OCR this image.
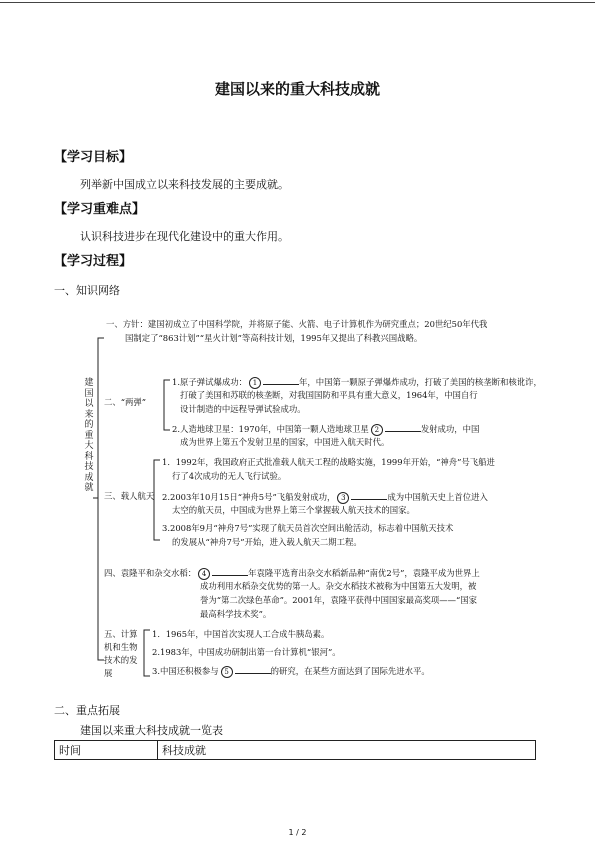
建国以来的重大科技成就
【学习目标】
列举新中国成立以来科技发展的主要成就。
【学习重难点】
认识科技进步在现代化建设中的重大作用。
【学习过程】
一、知识网络
建国以来的重大科技成就
一、方针：建国初成立了中国科学院，并将原子能、火箭、电子计算机作为研究重点；20世纪50年代我
国制定了“863计划”“星火计划”等高科技计划，1995年又提出了科教兴国战略。
二、“两弹”
1.原子弹试爆成功： 1	年，中国第一颗原子弹爆炸成功，打破了美国的核垄断和核讹诈，
打破了美国和苏联的核垄断，对我国国防和平具有重大意义，1964年，中国自行
设计制造的中远程导弹试验成功。
2.人造地球卫星：1970年，中国第一颗人造地球卫星 2	发射成功，中国
成为世界上第五个发射卫星的国家，中国进入航天时代。
三、载人航天
1．1992年，我国政府正式批准载人航天工程的战略实施，1999年开始，“神舟”号飞船进
行了4次成功的无人飞行试验。
2.2003年10月15日“神舟5号”飞船发射成功， 3	成为中国航天史上首位进入
太空的航天员，中国成为世界上第三个掌握载人航天技术的国家。
3.2008年9月“神舟7号”实现了航天员首次空间出舱活动，标志着中国航天技术
的发展从“神舟7号”开始，进入载人航天二期工程。
四、袁隆平和杂交水稻： 4	年袁隆平选育出杂交水稻新品种“南优2号”，袁隆平成为世界上
成功利用水稻杂交优势的第一人。杂交水稻技术被称为中国第五大发明，被
誉为“第二次绿色革命”。2001年，袁隆平获得中国国家最高奖项——“国家
最高科学技术奖”。
五、计算机和生物技术的发展
1．1965年，中国首次实现人工合成牛胰岛素。
2.1983年，中国成功研制出第一台计算机“银河”。
3.中国还积极参与 5	的研究，在某些方面达到了国际先进水平。
二、重点拓展
建国以来重大科技成就一览表
时间	科技成就
1 / 2
